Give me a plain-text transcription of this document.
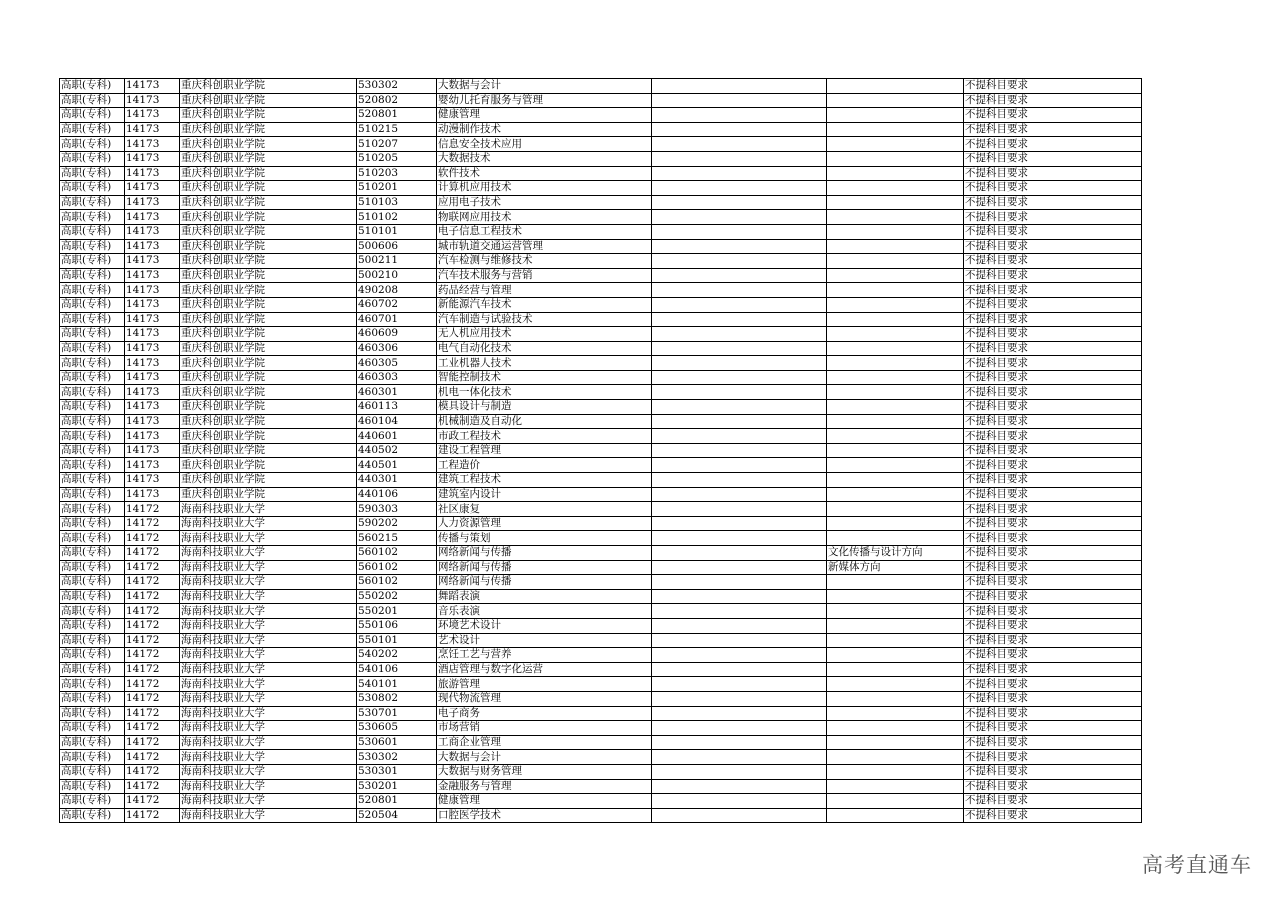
高职(专科)	14173	重庆科创职业学院	530302	大数据与会计			不提科目要求
高职(专科)	14173	重庆科创职业学院	520802	婴幼儿托育服务与管理			不提科目要求
高职(专科)	14173	重庆科创职业学院	520801	健康管理			不提科目要求
高职(专科)	14173	重庆科创职业学院	510215	动漫制作技术			不提科目要求
高职(专科)	14173	重庆科创职业学院	510207	信息安全技术应用			不提科目要求
高职(专科)	14173	重庆科创职业学院	510205	大数据技术			不提科目要求
高职(专科)	14173	重庆科创职业学院	510203	软件技术			不提科目要求
高职(专科)	14173	重庆科创职业学院	510201	计算机应用技术			不提科目要求
高职(专科)	14173	重庆科创职业学院	510103	应用电子技术			不提科目要求
高职(专科)	14173	重庆科创职业学院	510102	物联网应用技术			不提科目要求
高职(专科)	14173	重庆科创职业学院	510101	电子信息工程技术			不提科目要求
高职(专科)	14173	重庆科创职业学院	500606	城市轨道交通运营管理			不提科目要求
高职(专科)	14173	重庆科创职业学院	500211	汽车检测与维修技术			不提科目要求
高职(专科)	14173	重庆科创职业学院	500210	汽车技术服务与营销			不提科目要求
高职(专科)	14173	重庆科创职业学院	490208	药品经营与管理			不提科目要求
高职(专科)	14173	重庆科创职业学院	460702	新能源汽车技术			不提科目要求
高职(专科)	14173	重庆科创职业学院	460701	汽车制造与试验技术			不提科目要求
高职(专科)	14173	重庆科创职业学院	460609	无人机应用技术			不提科目要求
高职(专科)	14173	重庆科创职业学院	460306	电气自动化技术			不提科目要求
高职(专科)	14173	重庆科创职业学院	460305	工业机器人技术			不提科目要求
高职(专科)	14173	重庆科创职业学院	460303	智能控制技术			不提科目要求
高职(专科)	14173	重庆科创职业学院	460301	机电一体化技术			不提科目要求
高职(专科)	14173	重庆科创职业学院	460113	模具设计与制造			不提科目要求
高职(专科)	14173	重庆科创职业学院	460104	机械制造及自动化			不提科目要求
高职(专科)	14173	重庆科创职业学院	440601	市政工程技术			不提科目要求
高职(专科)	14173	重庆科创职业学院	440502	建设工程管理			不提科目要求
高职(专科)	14173	重庆科创职业学院	440501	工程造价			不提科目要求
高职(专科)	14173	重庆科创职业学院	440301	建筑工程技术			不提科目要求
高职(专科)	14173	重庆科创职业学院	440106	建筑室内设计			不提科目要求
高职(专科)	14172	海南科技职业大学	590303	社区康复			不提科目要求
高职(专科)	14172	海南科技职业大学	590202	人力资源管理			不提科目要求
高职(专科)	14172	海南科技职业大学	560215	传播与策划			不提科目要求
高职(专科)	14172	海南科技职业大学	560102	网络新闻与传播		文化传播与设计方向	不提科目要求
高职(专科)	14172	海南科技职业大学	560102	网络新闻与传播		新媒体方向	不提科目要求
高职(专科)	14172	海南科技职业大学	560102	网络新闻与传播			不提科目要求
高职(专科)	14172	海南科技职业大学	550202	舞蹈表演			不提科目要求
高职(专科)	14172	海南科技职业大学	550201	音乐表演			不提科目要求
高职(专科)	14172	海南科技职业大学	550106	环境艺术设计			不提科目要求
高职(专科)	14172	海南科技职业大学	550101	艺术设计			不提科目要求
高职(专科)	14172	海南科技职业大学	540202	烹饪工艺与营养			不提科目要求
高职(专科)	14172	海南科技职业大学	540106	酒店管理与数字化运营			不提科目要求
高职(专科)	14172	海南科技职业大学	540101	旅游管理			不提科目要求
高职(专科)	14172	海南科技职业大学	530802	现代物流管理			不提科目要求
高职(专科)	14172	海南科技职业大学	530701	电子商务			不提科目要求
高职(专科)	14172	海南科技职业大学	530605	市场营销			不提科目要求
高职(专科)	14172	海南科技职业大学	530601	工商企业管理			不提科目要求
高职(专科)	14172	海南科技职业大学	530302	大数据与会计			不提科目要求
高职(专科)	14172	海南科技职业大学	530301	大数据与财务管理			不提科目要求
高职(专科)	14172	海南科技职业大学	530201	金融服务与管理			不提科目要求
高职(专科)	14172	海南科技职业大学	520801	健康管理			不提科目要求
高职(专科)	14172	海南科技职业大学	520504	口腔医学技术			不提科目要求
高考直通车
